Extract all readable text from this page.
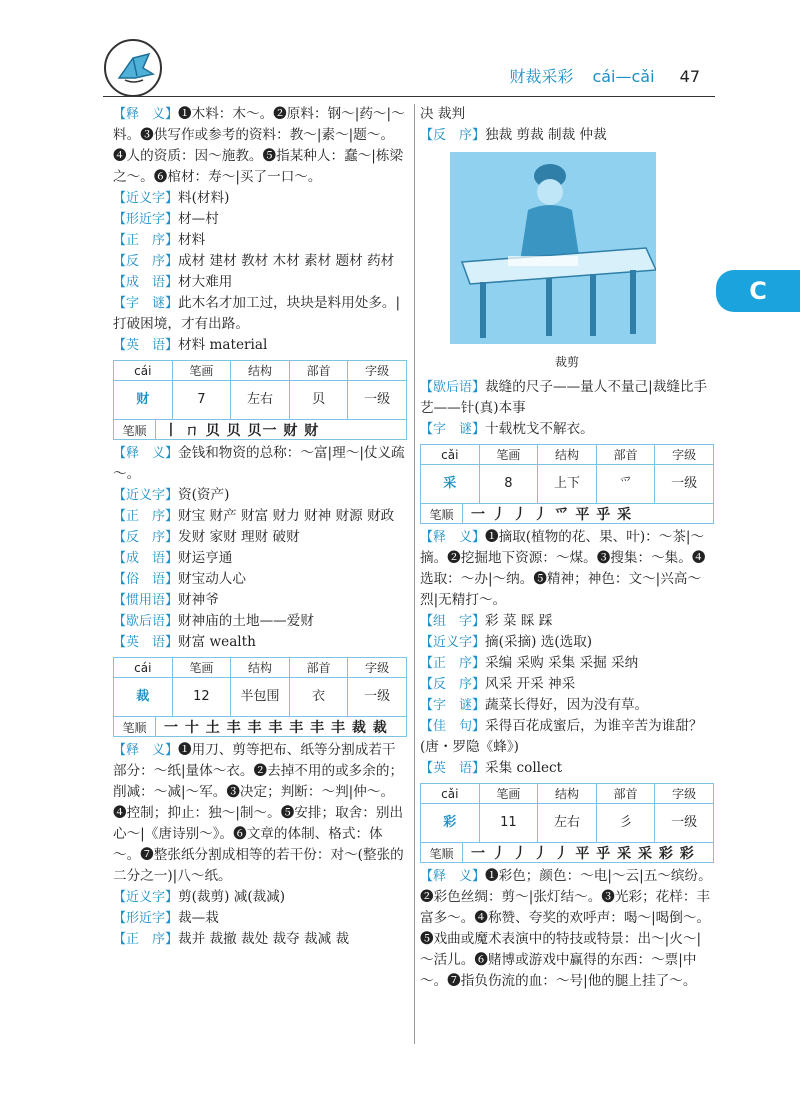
财裁采彩 cái—cǎi 47
C
【释　义】❶木料：木～。❷原料：钢～|药～|～料。❸供写作或参考的资料：教～|素～|题～。❹人的资质：因～施教。❺指某种人：蠢～|栋梁之～。❻棺材：寿～|买了一口～。
【近义字】料(材料)
【形近字】材—村
【正　序】材料
【反　序】成材 建材 教材 木材 素材 题材 药材
【成　语】材大难用
【字　谜】此木名才加工过，块块是料用处多。|打破困境，才有出路。
【英　语】材料 material
cái	笔画	结构	部首	字级
财	7	左右	贝	一级
笔顺	丨 ㄇ 贝 贝 贝一 财 财
【释　义】金钱和物资的总称：～富|理～|仗义疏～。
【近义字】资(资产)
【正　序】财宝 财产 财富 财力 财神 财源 财政
【反　序】发财 家财 理财 破财
【成　语】财运亨通
【俗　语】财宝动人心
【惯用语】财神爷
【歇后语】财神庙的土地——爱财
【英　语】财富 wealth
cái	笔画	结构	部首	字级
裁	12	半包围	衣	一级
笔顺	一 十 土 丰 丰 丰 丰 丰 丰 裁 裁
【释　义】❶用刀、剪等把布、纸等分割成若干部分：～纸|量体～衣。❷去掉不用的或多余的；削减：～减|～军。❸决定；判断：～判|仲～。❹控制；抑止：独～|制～。❺安排；取舍：别出心～|《唐诗别～》。❻文章的体制、格式：体～。❼整张纸分割成相等的若干份：对～(整张的二分之一)|八～纸。
【近义字】剪(裁剪) 减(裁减)
【形近字】裁—栽
【正　序】裁并 裁撤 裁处 裁夺 裁减 裁
决 裁判
【反　序】独裁 剪裁 制裁 仲裁
裁剪
【歇后语】裁缝的尺子——量人不量己|裁缝比手艺——针(真)本事
【字　谜】十载枕戈不解衣。
cǎi	笔画	结构	部首	字级
采	8	上下	爫	一级
笔顺	一 丿 丿 丿 爫 平 乎 采
【释　义】❶摘取(植物的花、果、叶)：～茶|～摘。❷挖掘地下资源：～煤。❸搜集：～集。❹选取：～办|～纳。❺精神；神色：文～|兴高～烈|无精打～。
【组　字】彩 菜 睬 踩
【近义字】摘(采摘) 选(选取)
【正　序】采编 采购 采集 采掘 采纳
【反　序】风采 开采 神采
【字　谜】蔬菜长得好，因为没有草。
【佳　句】采得百花成蜜后，为谁辛苦为谁甜？(唐・罗隐《蜂》)
【英　语】采集 collect
cǎi	笔画	结构	部首	字级
彩	11	左右	彡	一级
笔顺	一 丿 丿 丿 丿 平 乎 采 采 彩 彩
【释　义】❶彩色；颜色：～电|～云|五～缤纷。❷彩色丝绸：剪～|张灯结～。❸光彩；花样：丰富多～。❹称赞、夸奖的欢呼声：喝～|喝倒～。❺戏曲或魔术表演中的特技或特景：出～|火～|～活儿。❻赌博或游戏中赢得的东西：～票|中～。❼指负伤流的血：～号|他的腿上挂了～。
